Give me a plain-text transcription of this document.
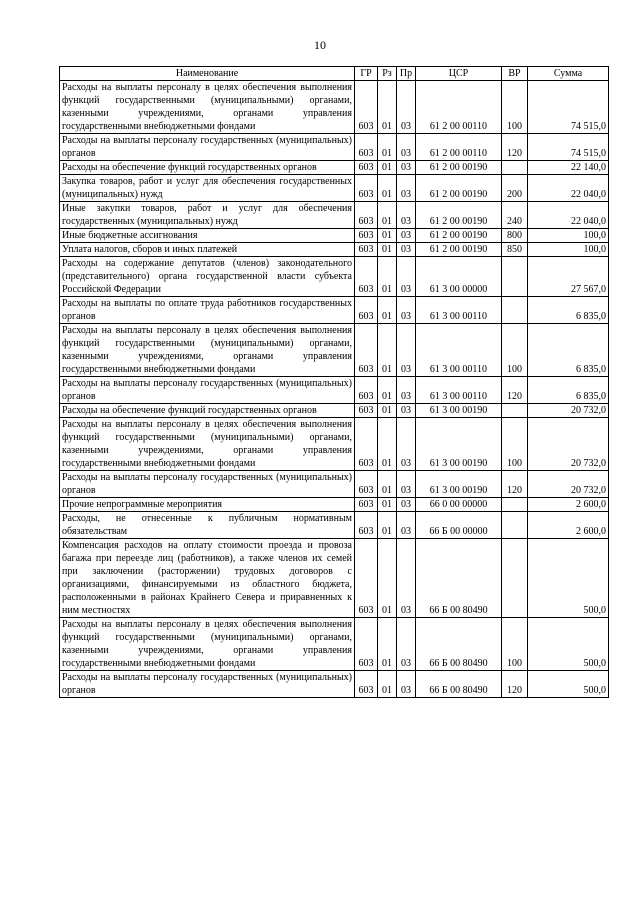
10
Наименование	ГР	Рз	Пр	ЦСР	ВР	Сумма
Расходы на выплаты персоналу в целях обеспечения выполнения функций государственными (муниципальными) органами, казенными учреждениями, органами управления государственными внебюджетными фондами	603	01	03	61 2 00 00110	100	74 515,0
Расходы на выплаты персоналу государственных (муниципальных) органов	603	01	03	61 2 00 00110	120	74 515,0
Расходы на обеспечение функций государственных органов	603	01	03	61 2 00 00190		22 140,0
Закупка товаров, работ и услуг для обеспечения государственных (муниципальных) нужд	603	01	03	61 2 00 00190	200	22 040,0
Иные закупки товаров, работ и услуг для обеспечения государственных (муниципальных) нужд	603	01	03	61 2 00 00190	240	22 040,0
Иные бюджетные ассигнования	603	01	03	61 2 00 00190	800	100,0
Уплата налогов, сборов и иных платежей	603	01	03	61 2 00 00190	850	100,0
Расходы на содержание депутатов (членов) законодательного (представительного) органа государственной власти субъекта Российской Федерации	603	01	03	61 3 00 00000		27 567,0
Расходы на выплаты по оплате труда работников государственных органов	603	01	03	61 3 00 00110		6 835,0
Расходы на выплаты персоналу в целях обеспечения выполнения функций государственными (муниципальными) органами, казенными учреждениями, органами управления государственными внебюджетными фондами	603	01	03	61 3 00 00110	100	6 835,0
Расходы на выплаты персоналу государственных (муниципальных) органов	603	01	03	61 3 00 00110	120	6 835,0
Расходы на обеспечение функций государственных органов	603	01	03	61 3 00 00190		20 732,0
Расходы на выплаты персоналу в целях обеспечения выполнения функций государственными (муниципальными) органами, казенными учреждениями, органами управления государственными внебюджетными фондами	603	01	03	61 3 00 00190	100	20 732,0
Расходы на выплаты персоналу государственных (муниципальных) органов	603	01	03	61 3 00 00190	120	20 732,0
Прочие непрограммные мероприятия	603	01	03	66 0 00 00000		2 600,0
Расходы, не отнесенные к публичным нормативным обязательствам	603	01	03	66 Б 00 00000		2 600,0
Компенсация расходов на оплату стоимости проезда и провоза багажа при переезде лиц (работников), а также членов их семей при заключении (расторжении) трудовых договоров с организациями, финансируемыми из областного бюджета, расположенными в районах Крайнего Севера и приравненных к ним местностях	603	01	03	66 Б 00 80490		500,0
Расходы на выплаты персоналу в целях обеспечения выполнения функций государственными (муниципальными) органами, казенными учреждениями, органами управления государственными внебюджетными фондами	603	01	03	66 Б 00 80490	100	500,0
Расходы на выплаты персоналу государственных (муниципальных) органов	603	01	03	66 Б 00 80490	120	500,0
